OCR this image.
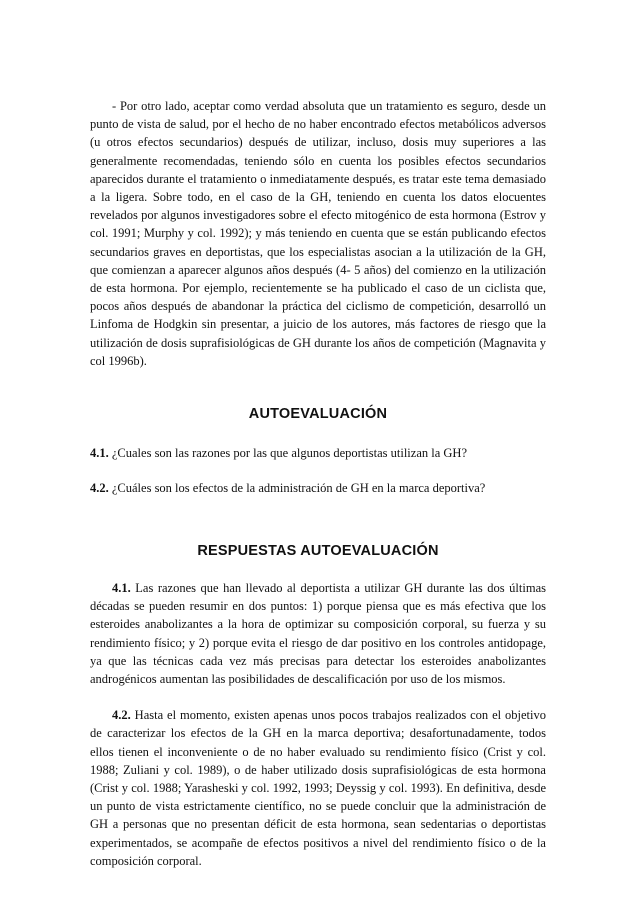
- Por otro lado, aceptar como verdad absoluta que un tratamiento es seguro, desde un punto de vista de salud, por el hecho de no haber encontrado efectos metabólicos adversos (u otros efectos secundarios) después de utilizar, incluso, dosis muy superiores a las generalmente recomendadas, teniendo sólo en cuenta los posibles efectos secundarios aparecidos durante el tratamiento o inmediatamente después, es tratar este tema demasiado a la ligera. Sobre todo, en el caso de la GH, teniendo en cuenta los datos elocuentes revelados por algunos investigadores sobre el efecto mitogénico de esta hormona (Estrov y col. 1991; Murphy y col. 1992); y más teniendo en cuenta que se están publicando efectos secundarios graves en deportistas, que los especialistas asocian a la utilización de la GH, que comienzan a aparecer algunos años después (4- 5 años) del comienzo en la utilización de esta hormona. Por ejemplo, recientemente se ha publicado el caso de un ciclista que, pocos años después de abandonar la práctica del ciclismo de competición, desarrolló un Linfoma de Hodgkin sin presentar, a juicio de los autores, más factores de riesgo que la utilización de dosis suprafisiológicas de GH durante los años de competición (Magnavita y col 1996b).

AUTOEVALUACIÓN

4.1. ¿Cuales son las razones por las que algunos deportistas utilizan la GH?

4.2. ¿Cuáles son los efectos de la administración de GH en la marca deportiva?

RESPUESTAS AUTOEVALUACIÓN

4.1. Las razones que han llevado al deportista a utilizar GH durante las dos últimas décadas se pueden resumir en dos puntos: 1) porque piensa que es más efectiva que los esteroides anabolizantes a la hora de optimizar su composición corporal, su fuerza y su rendimiento físico; y 2) porque evita el riesgo de dar positivo en los controles antidopage, ya que las técnicas cada vez más precisas para detectar los esteroides anabolizantes androgénicos aumentan las posibilidades de descalificación por uso de los mismos.

4.2. Hasta el momento, existen apenas unos pocos trabajos realizados con el objetivo de caracterizar los efectos de la GH en la marca deportiva; desafortunadamente, todos ellos tienen el inconveniente o de no haber evaluado su rendimiento físico (Crist y col. 1988; Zuliani y col. 1989), o de haber utilizado dosis suprafisiológicas de esta hormona (Crist y col. 1988; Yarasheski y col. 1992, 1993; Deyssig y col. 1993). En definitiva, desde un punto de vista estrictamente científico, no se puede concluir que la administración de GH a personas que no presentan déficit de esta hormona, sean sedentarias o deportistas experimentados, se acompañe de efectos positivos a nivel del rendimiento físico o de la composición corporal.
